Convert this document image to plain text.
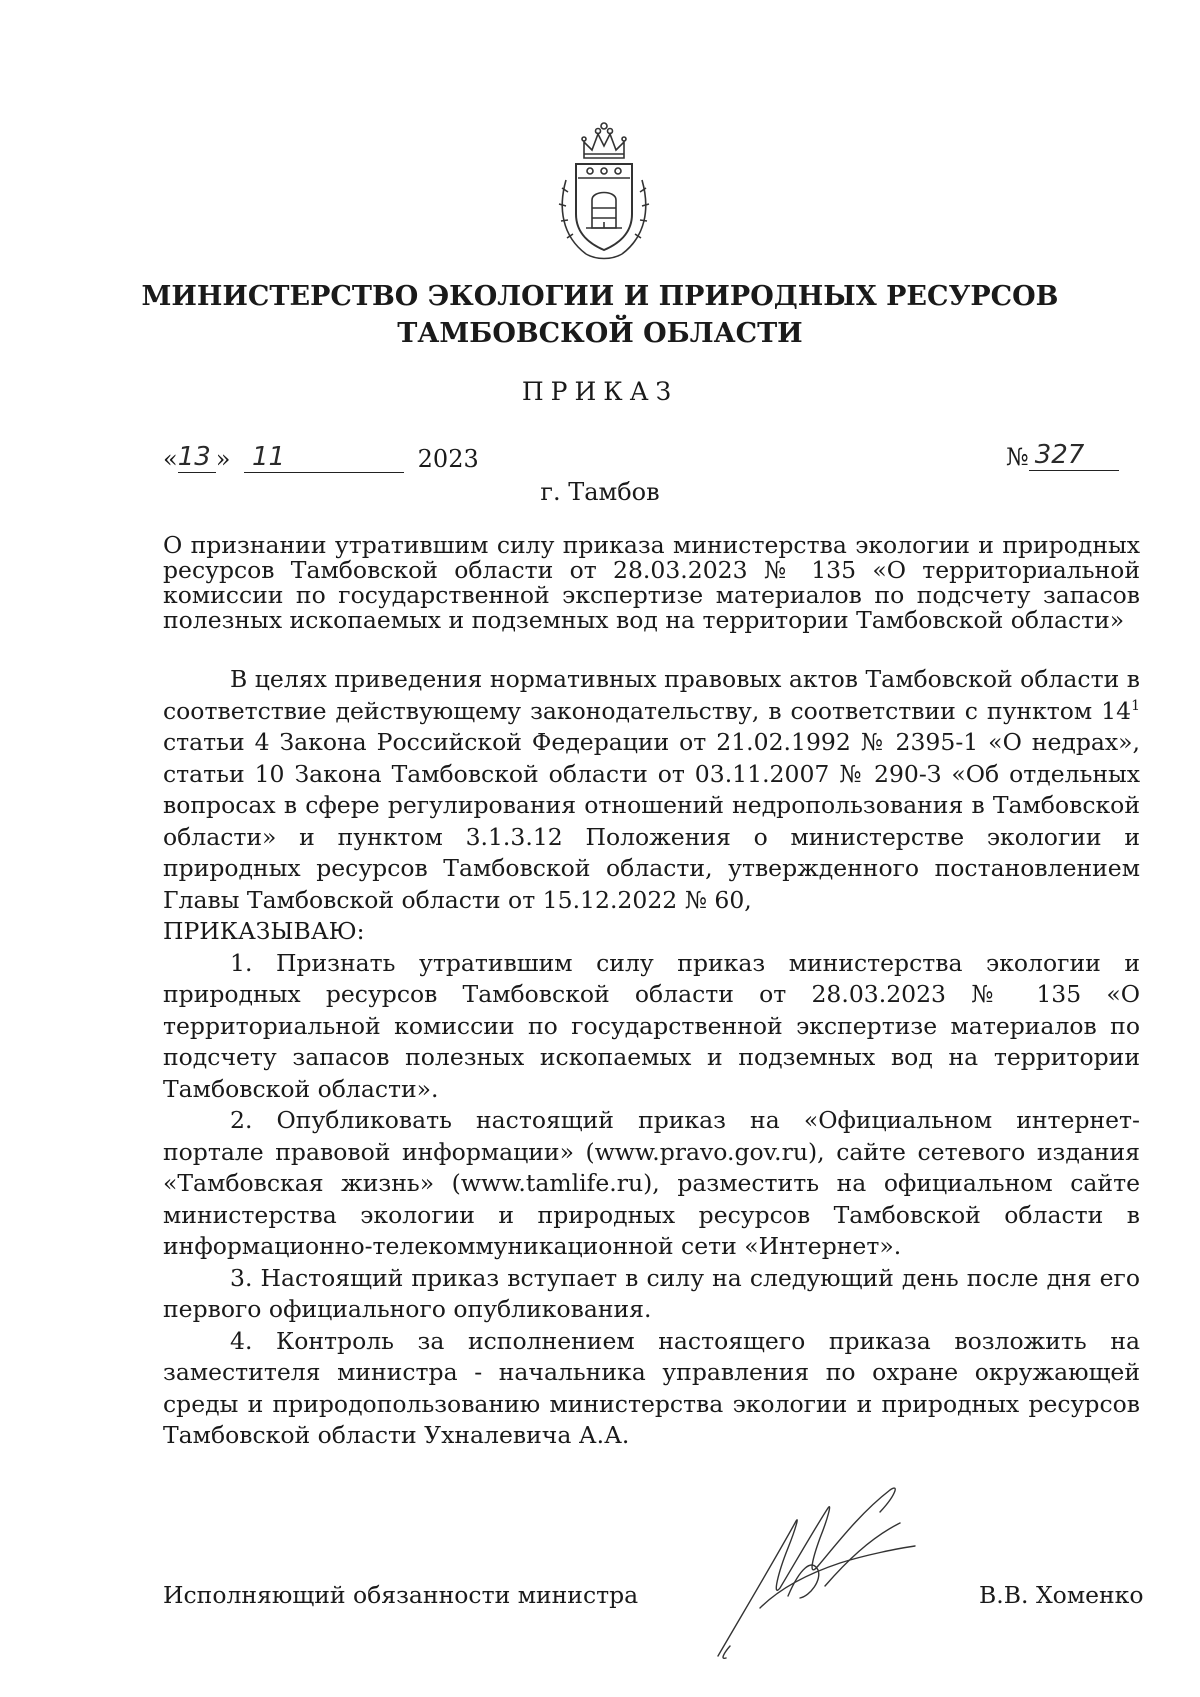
МИНИСТЕРСТВО ЭКОЛОГИИ И ПРИРОДНЫХ РЕСУРСОВ
ТАМБОВСКОЙ ОБЛАСТИ
ПРИКАЗ
«13 » 11	2023	№ 327
г. Тамбов
О признании утратившим силу приказа министерства экологии и природных ресурсов Тамбовской области от 28.03.2023 № 135 «О территориальной комиссии по государственной экспертизе материалов по подсчету запасов полезных ископаемых и подземных вод на территории Тамбовской области»

В целях приведения нормативных правовых актов Тамбовской области в соответствие действующему законодательству, в соответствии с пунктом $14^1$ статьи 4 Закона Российской Федерации от 21.02.1992 № 2395-1 «О недрах», статьи 10 Закона Тамбовской области от 03.11.2007 № 290-З «Об отдельных вопросах в сфере регулирования отношений недропользования в Тамбовской области» и пунктом 3.1.3.12 Положения о министерстве экологии и природных ресурсов Тамбовской области, утвержденного постановлением Главы Тамбовской области от 15.12.2022 № 60,

ПРИКАЗЫВАЮ:

1. Признать утратившим силу приказ министерства экологии и природных ресурсов Тамбовской области от 28.03.2023 № 135 «О территориальной комиссии по государственной экспертизе материалов по подсчету запасов полезных ископаемых и подземных вод на территории Тамбовской области».

2. Опубликовать настоящий приказ на «Официальном интернет-портале правовой информации» (www.pravo.gov.ru), сайте сетевого издания «Тамбовская жизнь» (www.tamlife.ru), разместить на официальном сайте министерства экологии и природных ресурсов Тамбовской области в информационно-телекоммуникационной сети «Интернет».

3. Настоящий приказ вступает в силу на следующий день после дня его первого официального опубликования.

4. Контроль за исполнением настоящего приказа возложить на заместителя министра - начальника управления по охране окружающей среды и природопользованию министерства экологии и природных ресурсов Тамбовской области Ухналевича А.А.

Исполняющий обязанности министра	В.В. Хоменко
